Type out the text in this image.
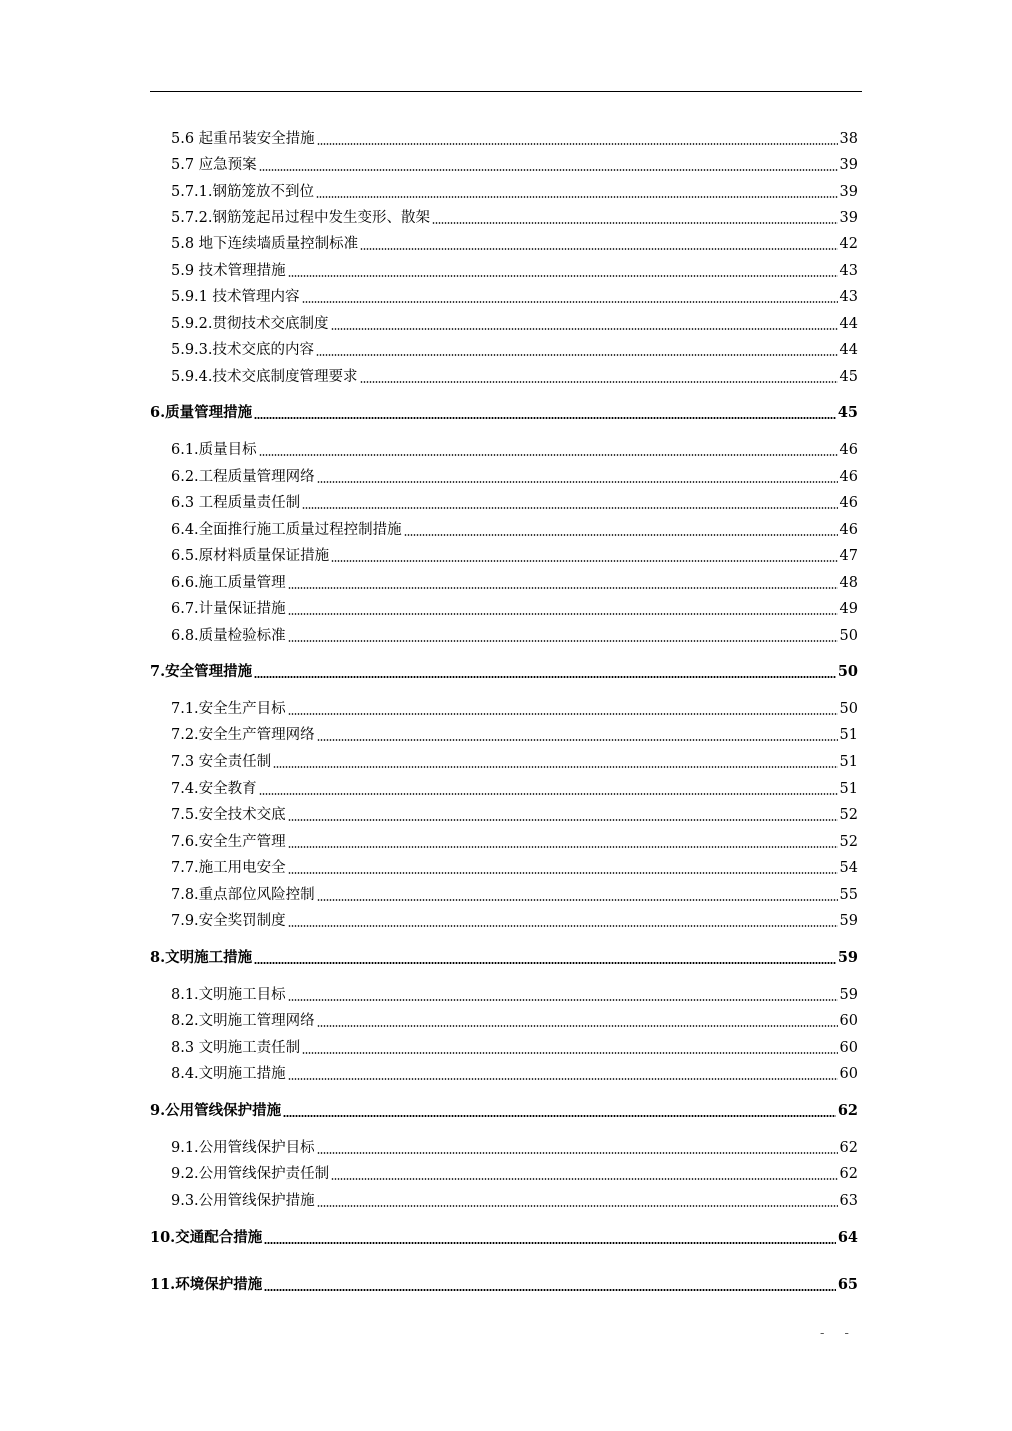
5.6 起重吊装安全措施	38
5.7 应急预案	39
5.7.1.钢筋笼放不到位	39
5.7.2.钢筋笼起吊过程中发生变形、散架	39
5.8 地下连续墙质量控制标准	42
5.9 技术管理措施	43
5.9.1 技术管理内容	43
5.9.2.贯彻技术交底制度	44
5.9.3.技术交底的内容	44
5.9.4.技术交底制度管理要求	45
6.质量管理措施	45
6.1.质量目标	46
6.2.工程质量管理网络	46
6.3 工程质量责任制	46
6.4.全面推行施工质量过程控制措施	46
6.5.原材料质量保证措施	47
6.6.施工质量管理	48
6.7.计量保证措施	49
6.8.质量检验标准	50
7.安全管理措施	50
7.1.安全生产目标	50
7.2.安全生产管理网络	51
7.3 安全责任制	51
7.4.安全教育	51
7.5.安全技术交底	52
7.6.安全生产管理	52
7.7.施工用电安全	54
7.8.重点部位风险控制	55
7.9.安全奖罚制度	59
8.文明施工措施	59
8.1.文明施工目标	59
8.2.文明施工管理网络	60
8.3 文明施工责任制	60
8.4.文明施工措施	60
9.公用管线保护措施	62
9.1.公用管线保护目标	62
9.2.公用管线保护责任制	62
9.3.公用管线保护措施	63
10.交通配合措施	64
11.环境保护措施	65
- -
